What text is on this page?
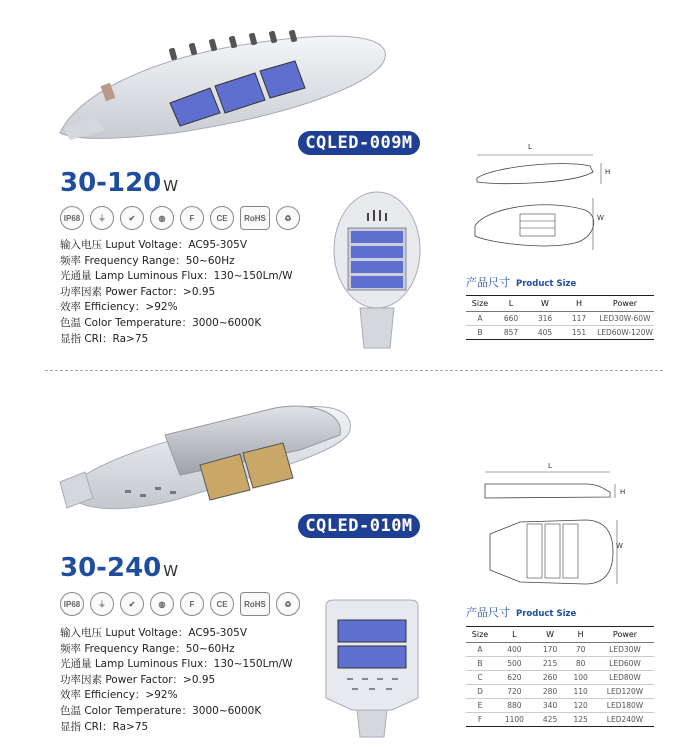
CQLED-009M
30-120 W
IP68	⏚	✔	◍	F	CE	RoHS	♻
输入电压 Luput Voltage：AC95-305V
频率 Frequency Range：50~60Hz
光通量 Lamp Luminous Flux：130~150Lm/W
功率因素 Power Factor：>0.95
效率 Efficiency：>92%
色温 Color Temperature：3000~6000K
显指 CRI：Ra>75
L
H
W
产品尺寸 Product Size
Size	L	W	H	Power
A	660	316	117	LED30W-60W
B	857	405	151	LED60W-120W
CQLED-010M
30-240 W
IP68	⏚	✔	◍	F	CE	RoHS	♻
输入电压 Luput Voltage：AC95-305V
频率 Frequency Range：50~60Hz
光通量 Lamp Luminous Flux：130~150Lm/W
功率因素 Power Factor：>0.95
效率 Efficiency：>92%
色温 Color Temperature：3000~6000K
显指 CRI：Ra>75
L
H
W
产品尺寸 Product Size
Size	L	W	H	Power
A	400	170	70	LED30W
B	500	215	80	LED60W
C	620	260	100	LED80W
D	720	280	110	LED120W
E	880	340	120	LED180W
F	1100	425	125	LED240W
